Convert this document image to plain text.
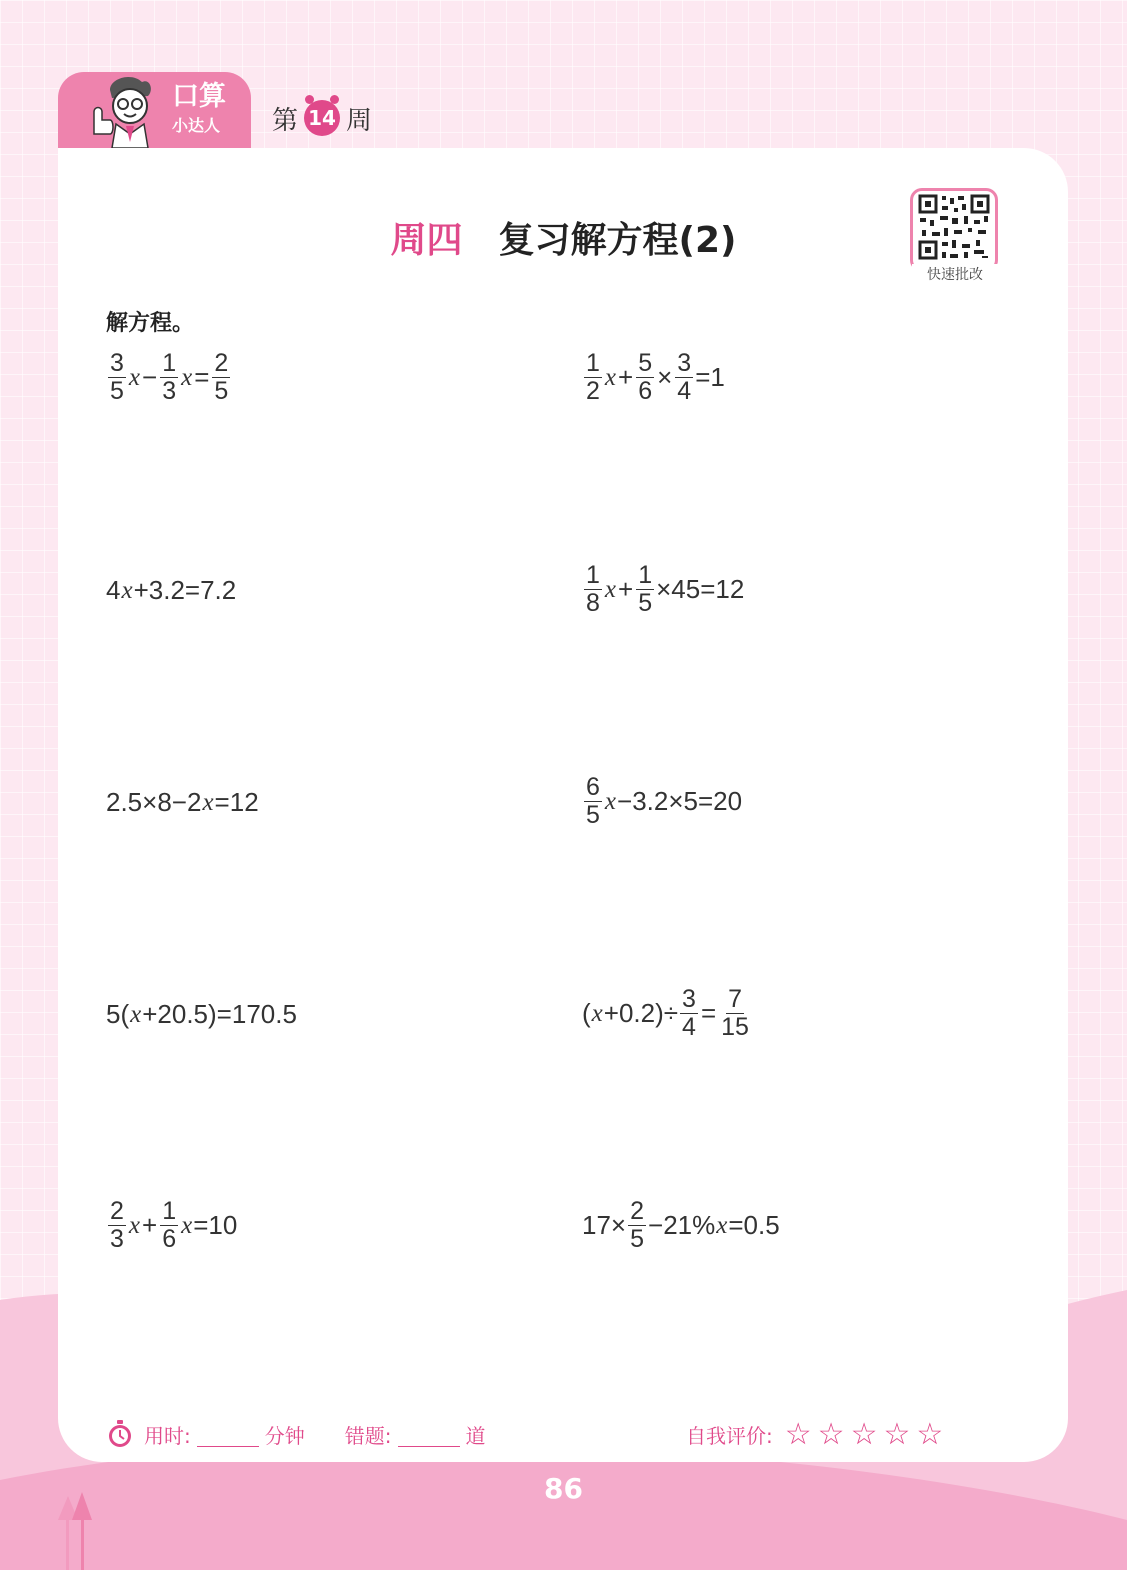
口算
小达人 第 14 周
周四 复习解方程(2)
快速批改
解方程。
$\frac{3}{5}$ $x - \frac{1}{3}$ $x = \frac{2}{5}$	$\frac{1}{2}$ $x + \frac{5}{6} \times \frac{3}{4} =1$
4 x +3.2=7.2	$\frac{1}{8}$ $x + \frac{1}{5} \times 45=12$
2.5×8−2 x =12	$\frac{6}{5}$ x −3.2×5=20
5( x +20.5)=170.5	( $x +0.2)\div \frac{3}{4} = \frac{7}{15}$
$\frac{2}{3}$ $x + \frac{1}{6}$ x =10	$17\times \frac{2}{5} -21\%$ x =0.5
用时:	分钟 错题:	道	自我评价: ☆ ☆ ☆ ☆ ☆
86
